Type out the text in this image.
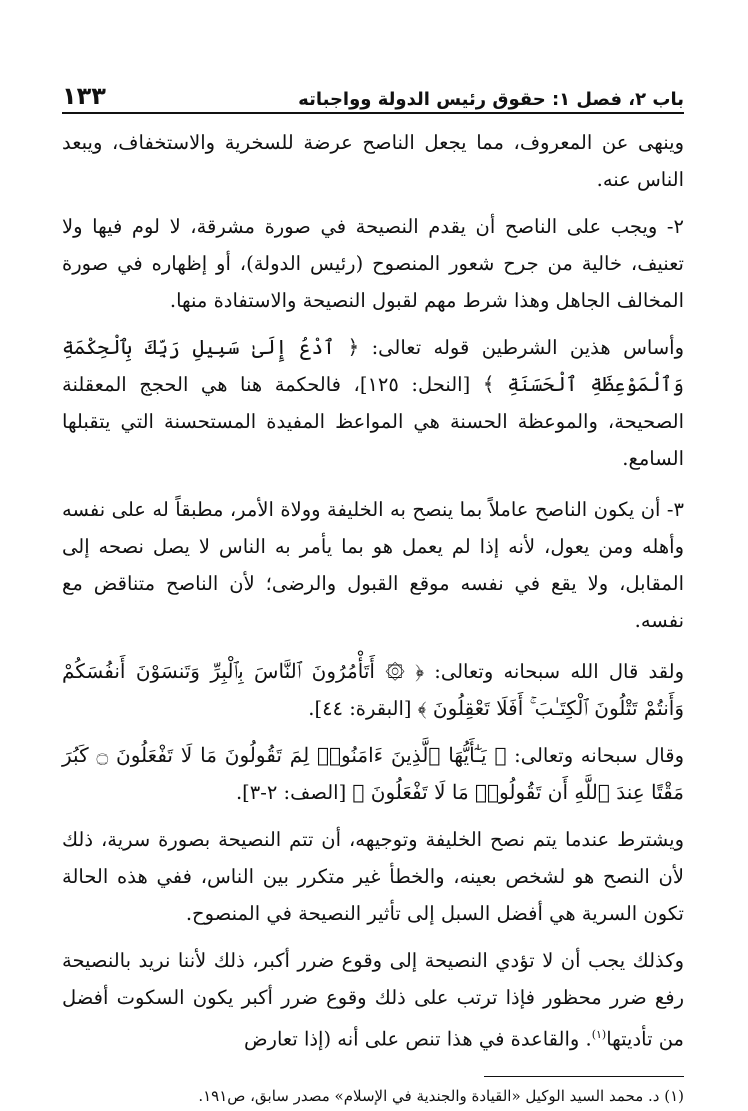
باب ٢، فصل ١: حقوق رئيس الدولة وواجباته
١٣٣

وينهى عن المعروف، مما يجعل الناصح عرضة للسخرية والاستخفاف، ويبعد الناس عنه.

٢- ويجب على الناصح أن يقدم النصيحة في صورة مشرقة، لا لوم فيها ولا تعنيف، خالية من جرح شعور المنصوح (رئيس الدولة)، أو إظهاره في صورة المخالف الجاهل وهذا شرط مهم لقبول النصيحة والاستفادة منها.

وأساس هذين الشرطين قوله تعالى: ﴿ ٱدْعُ إِلَىٰ سَبِيلِ رَبِّكَ بِٱلْحِكْمَةِ وَٱلْمَوْعِظَةِ ٱلْحَسَنَةِ ﴾ [النحل: ١٢٥]، فالحكمة هنا هي الحجج المعقلنة الصحيحة، والموعظة الحسنة هي المواعظ المفيدة المستحسنة التي يتقبلها السامع.

٣- أن يكون الناصح عاملاً بما ينصح به الخليفة وولاة الأمر، مطبقاً له على نفسه وأهله ومن يعول، لأنه إذا لم يعمل هو بما يأمر به الناس لا يصل نصحه إلى المقابل، ولا يقع في نفسه موقع القبول والرضى؛ لأن الناصح متناقض مع نفسه.

ولقد قال الله سبحانه وتعالى: ﴿ ۞ أَتَأْمُرُونَ ٱلنَّاسَ بِٱلْبِرِّ وَتَنسَوْنَ أَنفُسَكُمْ وَأَنتُمْ تَتْلُونَ ٱلْكِتَـٰبَ ۚ أَفَلَا تَعْقِلُونَ ﴾ [البقرة: ٤٤].

وقال سبحانه وتعالى: ﴿ يَـٰٓأَيُّهَا ٱلَّذِينَ ءَامَنُوا۟ لِمَ تَقُولُونَ مَا لَا تَفْعَلُونَ ۝ كَبُرَ مَقْتًا عِندَ ٱللَّهِ أَن تَقُولُوا۟ مَا لَا تَفْعَلُونَ ﴾ [الصف: ٢-٣].

ويشترط عندما يتم نصح الخليفة وتوجيهه، أن تتم النصيحة بصورة سرية، ذلك لأن النصح هو لشخص بعينه، والخطأ غير متكرر بين الناس، ففي هذه الحالة تكون السرية هي أفضل السبل إلى تأثير النصيحة في المنصوح.

وكذلك يجب أن لا تؤدي النصيحة إلى وقوع ضرر أكبر، ذلك لأننا نريد بالنصيحة رفع ضرر محظور فإذا ترتب على ذلك وقوع ضرر أكبر يكون السكوت أفضل من تأديتها$^{(١)}$. والقاعدة في هذا تنص على أنه (إذا تعارض

(١) د. محمد السيد الوكيل «القيادة والجندية في الإسلام» مصدر سابق، ص١٩١.
